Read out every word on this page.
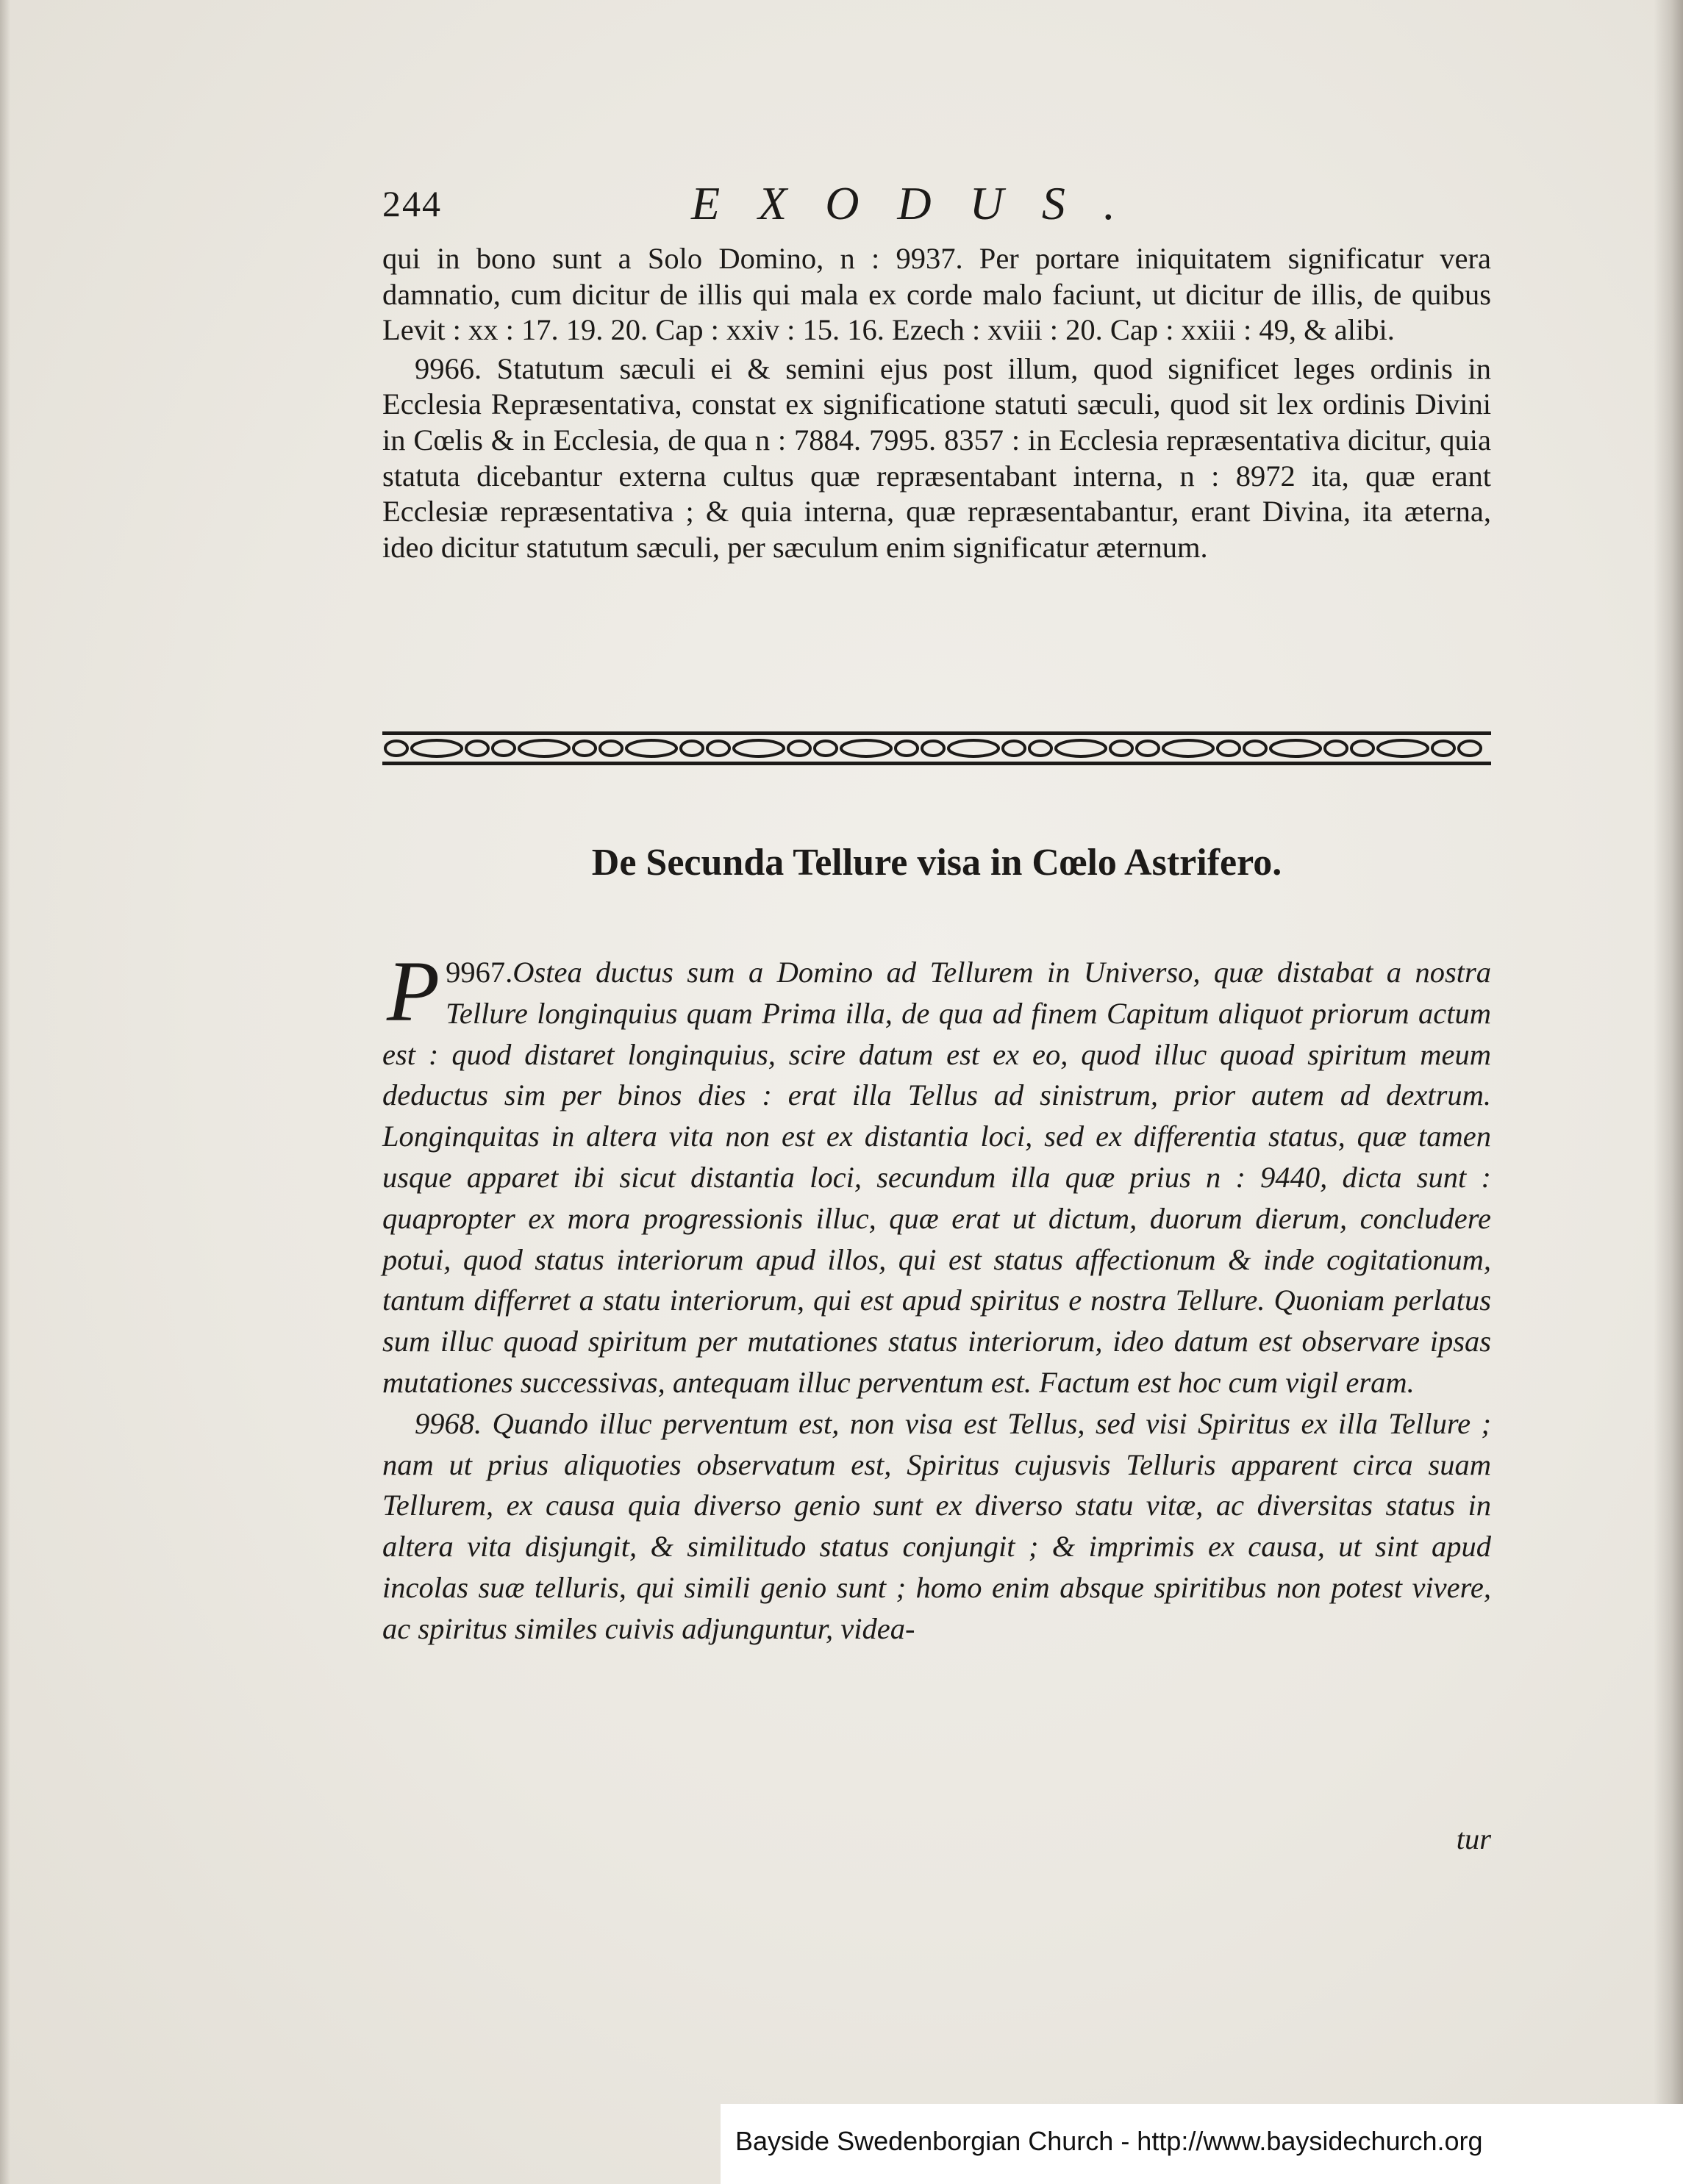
244	EXODUS.

qui in bono sunt a Solo Domino, n : 9937. Per portare iniquitatem significatur vera damnatio, cum dicitur de illis qui mala ex corde malo faciunt, ut dicitur de illis, de quibus Levit : xx : 17. 19. 20. Cap : xxiv : 15. 16. Ezech : xviii : 20. Cap : xxiii : 49, & alibi.

9966. Statutum sæculi ei & semini ejus post illum, quod significet leges ordinis in Ecclesia Repræsentativa, constat ex significatione statuti sæculi, quod sit lex ordinis Divini in Cœlis & in Ecclesia, de qua n : 7884. 7995. 8357 : in Ecclesia repræsentativa dicitur, quia statuta dicebantur externa cultus quæ repræsentabant interna, n : 8972 ita, quæ erant Ecclesiæ repræsentativa ; & quia interna, quæ repræsentabantur, erant Divina, ita æterna, ideo dicitur statutum sæculi, per sæculum enim significatur æternum.

De Secunda Tellure visa in Cœlo Astrifero.

9967.
P Ostea ductus sum a Domino ad Tellurem in Universo, quæ distabat a nostra Tellure longinquius quam Prima illa, de qua ad finem Capitum aliquot priorum actum est : quod distaret longinquius, scire datum est ex eo, quod illuc quoad spiritum meum deductus sim per binos dies : erat illa Tellus ad sinistrum, prior autem ad dextrum. Longinquitas in altera vita non est ex distantia loci, sed ex differentia status, quæ tamen usque apparet ibi sicut distantia loci, secundum illa quæ prius n : 9440, dicta sunt : quapropter ex mora progressionis illuc, quæ erat ut dictum, duorum dierum, concludere potui, quod status interiorum apud illos, qui est status affectionum & inde cogitationum, tantum differret a statu interiorum, qui est apud spiritus e nostra Tellure. Quoniam perlatus sum illuc quoad spiritum per mutationes status interiorum, ideo datum est observare ipsas mutationes successivas, antequam illuc perventum est. Factum est hoc cum vigil eram.

9968. Quando illuc perventum est, non visa est Tellus, sed visi Spiritus ex illa Tellure ; nam ut prius aliquoties observatum est, Spiritus cujusvis Telluris apparent circa suam Tellurem, ex causa quia diverso genio sunt ex diverso statu vitæ, ac diversitas status in altera vita disjungit, & similitudo status conjungit ; & imprimis ex causa, ut sint apud incolas suæ telluris, qui simili genio sunt ; homo enim absque spiritibus non potest vivere, ac spiritus similes cuivis adjunguntur, videa-

tur
Bayside Swedenborgian Church - http://www.baysidechurch.org
